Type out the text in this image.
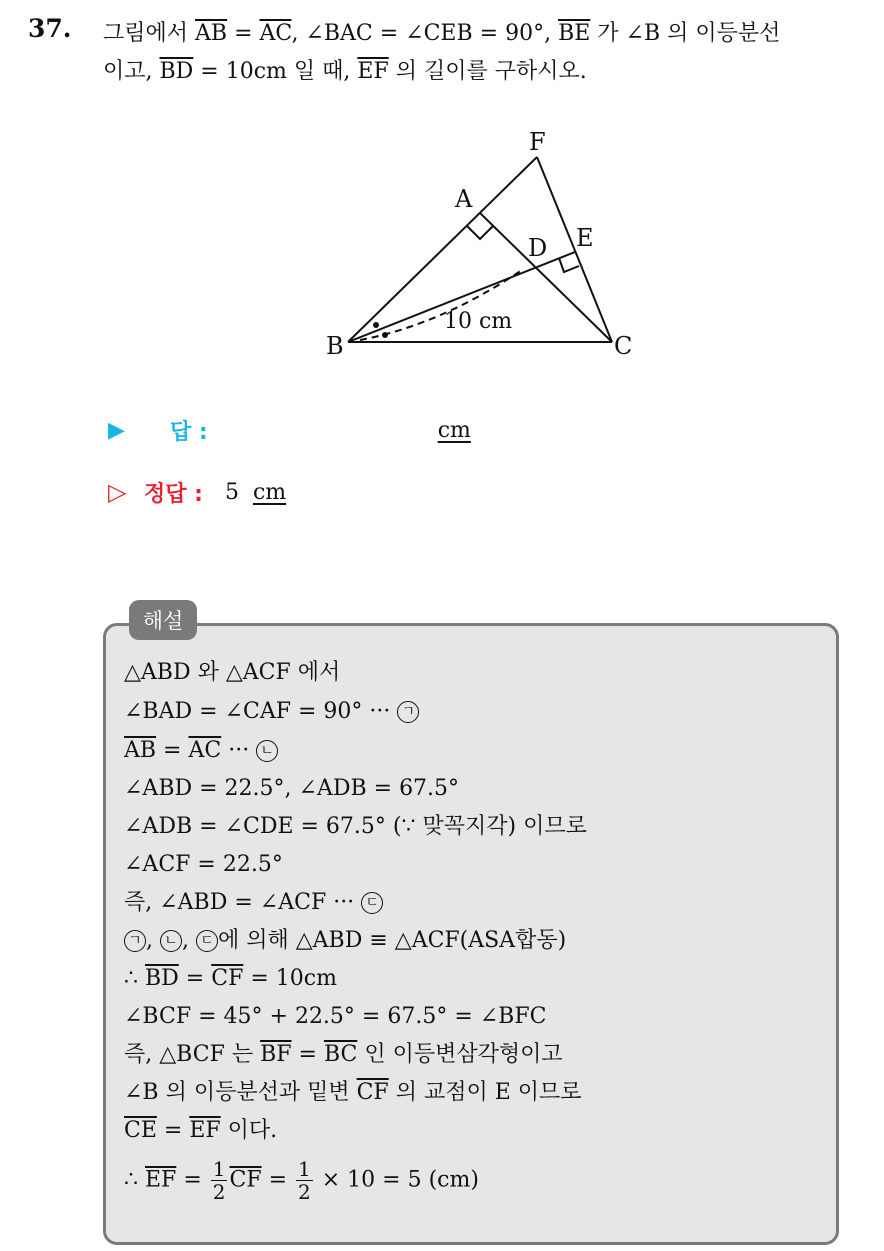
37. 그림에서 $\overline{AB} = \overline{AC}$, ∠BAC = ∠CEB = 90°, $\overline{BE}$ 가 ∠B 의 이등분선
이고, $\overline{BD} = 10cm$ 일 때, $\overline{EF}$ 의 길이를 구하시오.
F
A
D E
B	C
10 cm
▶	답 :	cm
▷ 정답 : 5 cm
해설
△ABD 와 △ACF 에서
∠BAD = ∠CAF = 90° ··· ㄱ
$\overline{AB} = \overline{AC}$ ··· ㄴ
∠ABD = 22.5°, ∠ADB = 67.5°
∠ADB = ∠CDE = 67.5° (∵ 맞꼭지각) 이므로
∠ACF = 22.5°
즉, ∠ABD = ∠ACF ··· ㄷ
ㄱ , ㄴ , ㄷ 에 의해 △ABD ≡ △ACF(ASA합동)
∴ $\overline{BD} = \overline{CF} = 10cm$
∠BCF = 45° + 22.5° = 67.5° = ∠BFC
즉, △BCF 는 $\overline{BF} = \overline{BC}$ 인 이등변삼각형이고
∠B 의 이등분선과 밑변 $\overline{CF}$ 의 교점이 E 이므로
$\overline{CE} = \overline{EF}$ 이다.
∴ $\overline{EF} = \frac{1}{2} \overline{CF} = \frac{1}{2} \times 10 = 5$ (cm)
